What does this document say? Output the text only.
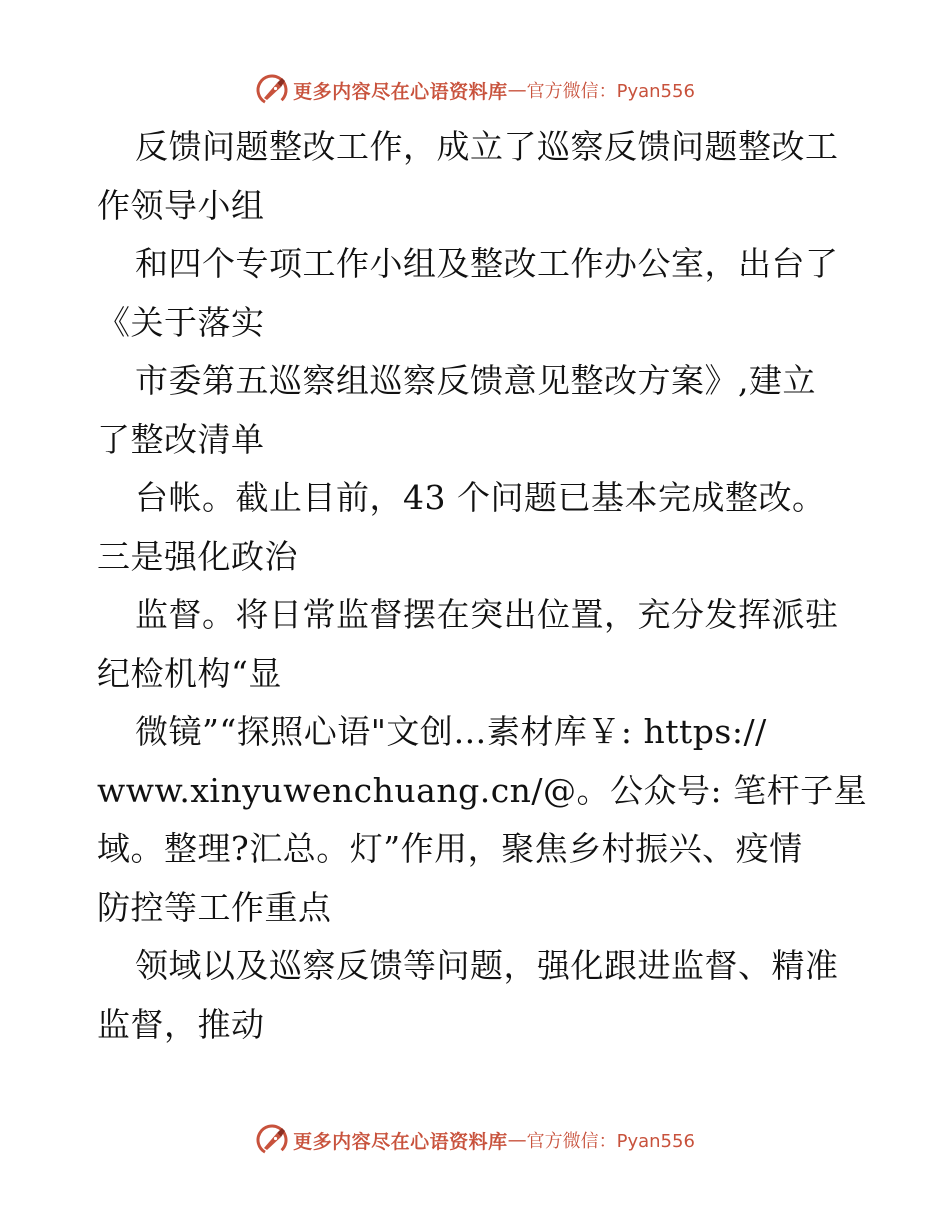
更多内容尽在心语资料库 — 官方微信：Pyan556
反馈问题整改工作，成立了巡察反馈问题整改工
作领导小组
和四个专项工作小组及整改工作办公室，出台了
《关于落实
市委第五巡察组巡察反馈意见整改方案》,建立
了整改清单
台帐。截止目前，43 个问题已基本完成整改。
三是强化政治
监督。将日常监督摆在突出位置，充分发挥派驻
纪检机构“显
微镜”“探照心语"文创…素材库￥: https://
www.xinyuwenchuang.cn/@。公众号: 笔杆子星
域。整理?汇总。灯”作用，聚焦乡村振兴、疫情
防控等工作重点
领域以及巡察反馈等问题，强化跟进监督、精准
监督，推动
更多内容尽在心语资料库 — 官方微信：Pyan556
